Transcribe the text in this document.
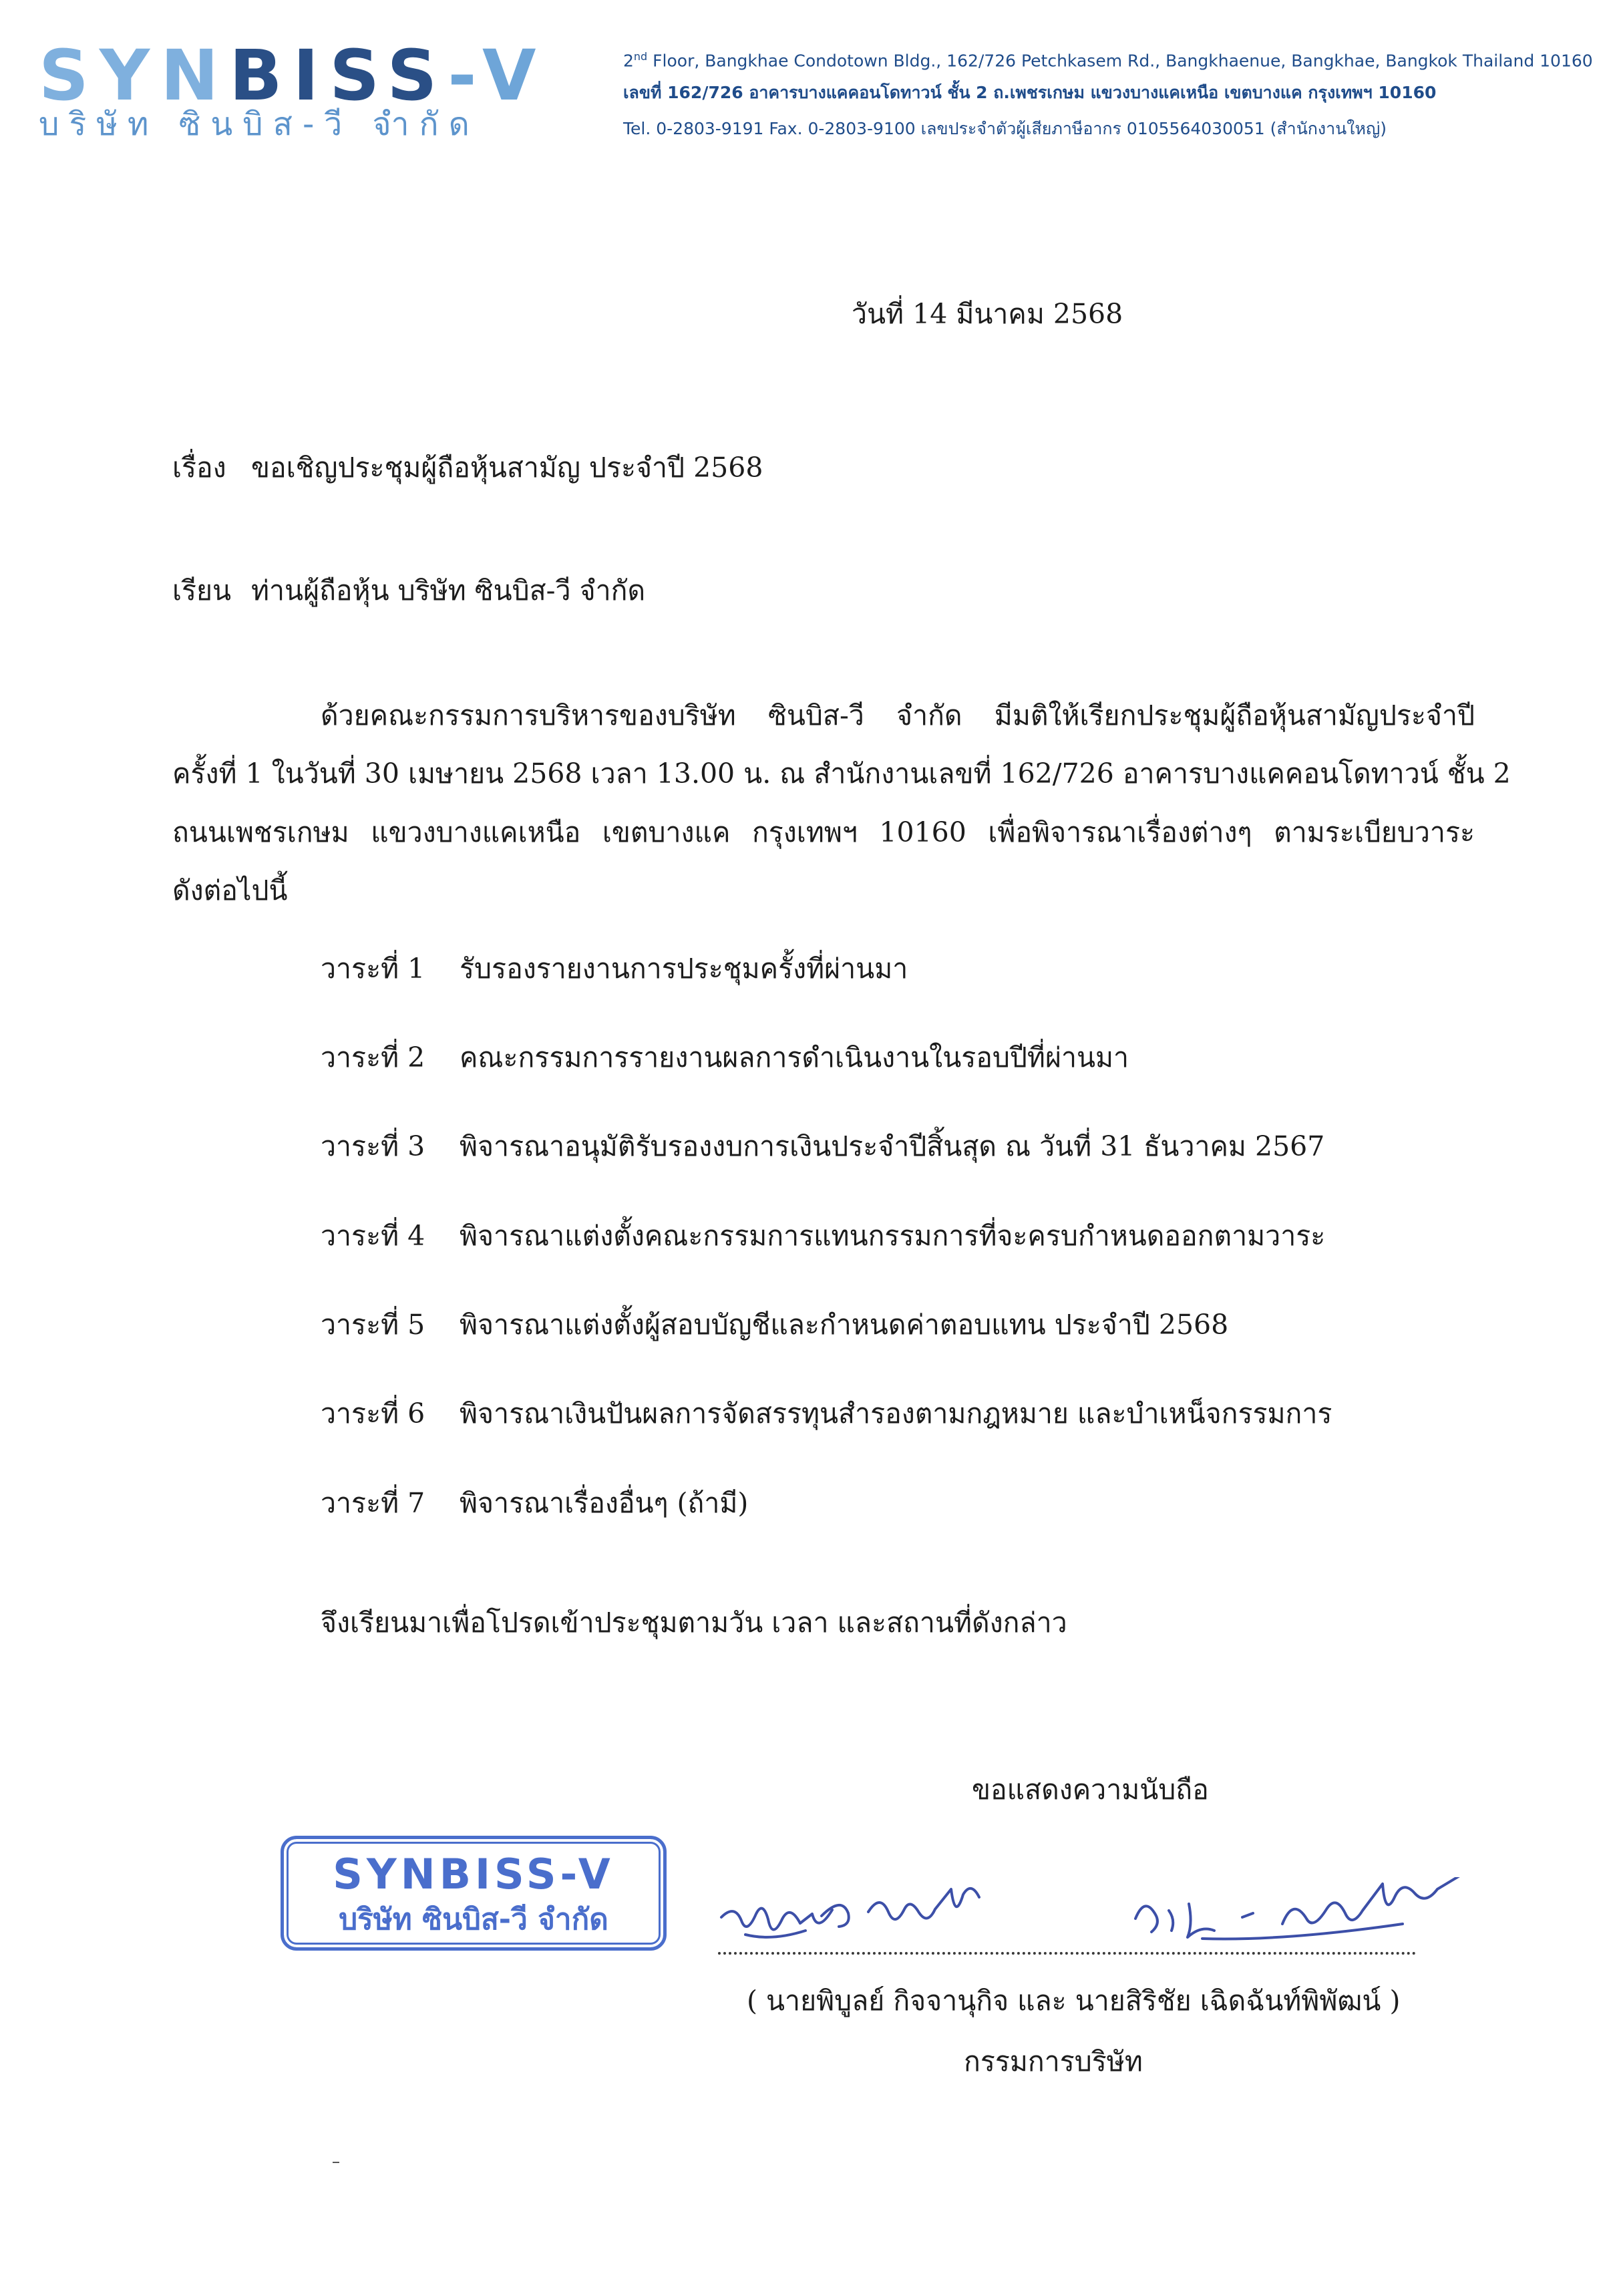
SYNBISS-V
บริษัท ซินบิส-วี จำกัด
2nd Floor, Bangkhae Condotown Bldg., 162/726 Petchkasem Rd., Bangkhaenue, Bangkhae, Bangkok Thailand 10160
เลขที่ 162/726 อาคารบางแคคอนโดทาวน์ ชั้น 2 ถ.เพชรเกษม แขวงบางแคเหนือ เขตบางแค กรุงเทพฯ 10160
Tel. 0-2803-9191 Fax. 0-2803-9100 เลขประจำตัวผู้เสียภาษีอากร 0105564030051 (สำนักงานใหญ่)
วันที่ 14 มีนาคม 2568
เรื่อง ขอเชิญประชุมผู้ถือหุ้นสามัญ ประจำปี 2568
เรียน ท่านผู้ถือหุ้น บริษัท ซินบิส-วี จำกัด
ด้วยคณะกรรมการบริหารของบริษัท ซินบิส-วี จำกัด มีมติให้เรียกประชุมผู้ถือหุ้นสามัญประจำปี
ครั้งที่ 1 ในวันที่ 30 เมษายน 2568 เวลา 13.00 น. ณ สำนักงานเลขที่ 162/726 อาคารบางแคคอนโดทาวน์ ชั้น 2
ถนนเพชรเกษม แขวงบางแคเหนือ เขตบางแค กรุงเทพฯ 10160 เพื่อพิจารณาเรื่องต่างๆ ตามระเบียบวาระ
ดังต่อไปนี้
วาระที่ 1 รับรองรายงานการประชุมครั้งที่ผ่านมา
วาระที่ 2 คณะกรรมการรายงานผลการดำเนินงานในรอบปีที่ผ่านมา
วาระที่ 3 พิจารณาอนุมัติรับรองงบการเงินประจำปีสิ้นสุด ณ วันที่ 31 ธันวาคม 2567
วาระที่ 4 พิจารณาแต่งตั้งคณะกรรมการแทนกรรมการที่จะครบกำหนดออกตามวาระ
วาระที่ 5 พิจารณาแต่งตั้งผู้สอบบัญชีและกำหนดค่าตอบแทน ประจำปี 2568
วาระที่ 6 พิจารณาเงินปันผลการจัดสรรทุนสำรองตามกฎหมาย และบำเหน็จกรรมการ
วาระที่ 7 พิจารณาเรื่องอื่นๆ (ถ้ามี)
จึงเรียนมาเพื่อโปรดเข้าประชุมตามวัน เวลา และสถานที่ดังกล่าว
ขอแสดงความนับถือ
SYNBISS-V
บริษัท ซินบิส-วี จำกัด
( นายพิบูลย์ กิจจานุกิจ และ นายสิริชัย เฉิดฉันท์พิพัฒน์ )
กรรมการบริษัท
